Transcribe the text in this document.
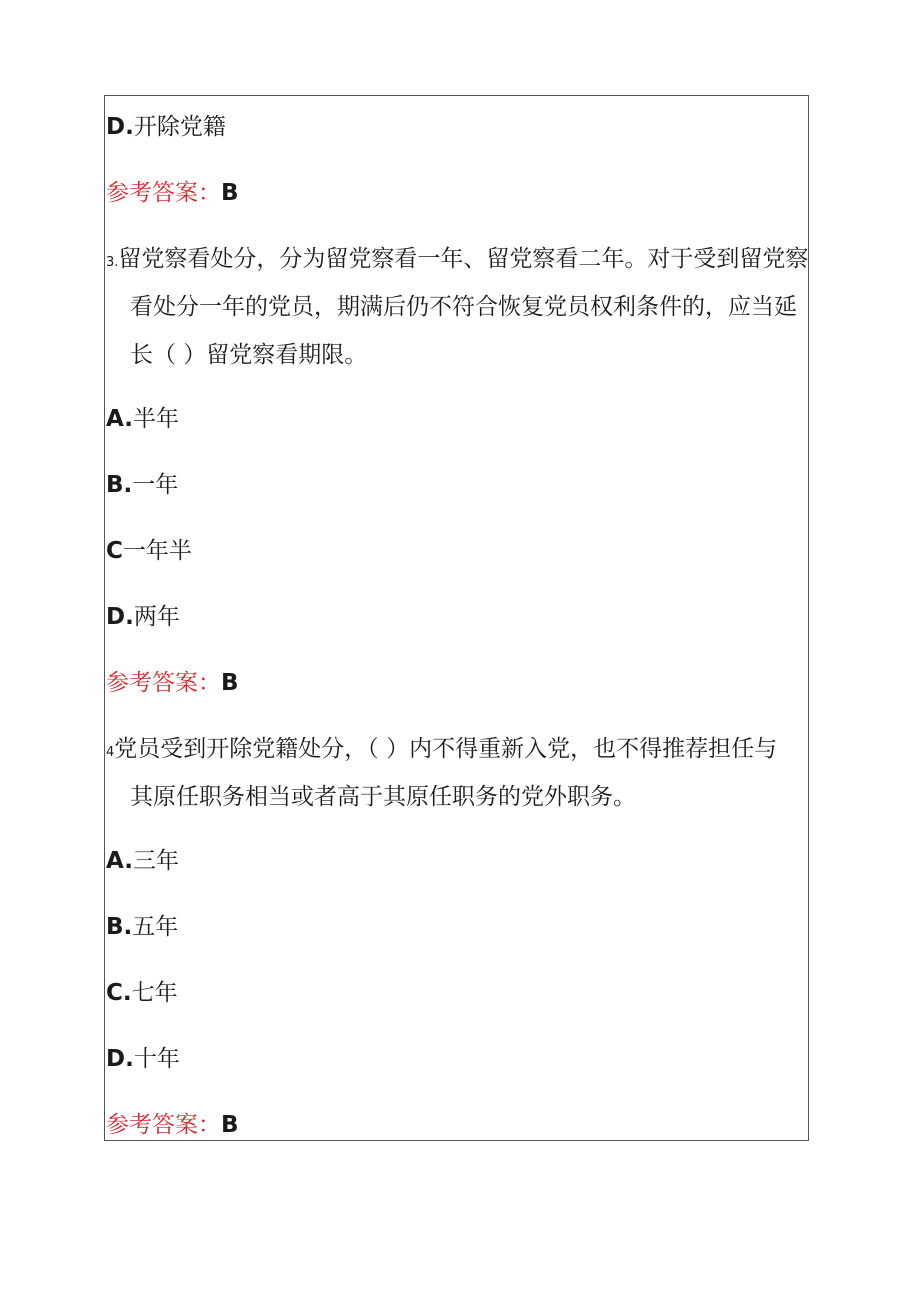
D.开除党籍
参考答案：B
3.留党察看处分，分为留党察看一年、留党察看二年。对于受到留党察
看处分一年的党员，期满后仍不符合恢复党员权利条件的，应当延
长（ ）留党察看期限。
A.半年
B.一年
C一年半
D.两年
参考答案：B
4党员受到开除党籍处分，（ ）内不得重新入党，也不得推荐担任与
其原任职务相当或者高于其原任职务的党外职务。
A.三年
B.五年
C.七年
D.十年
参考答案：B
